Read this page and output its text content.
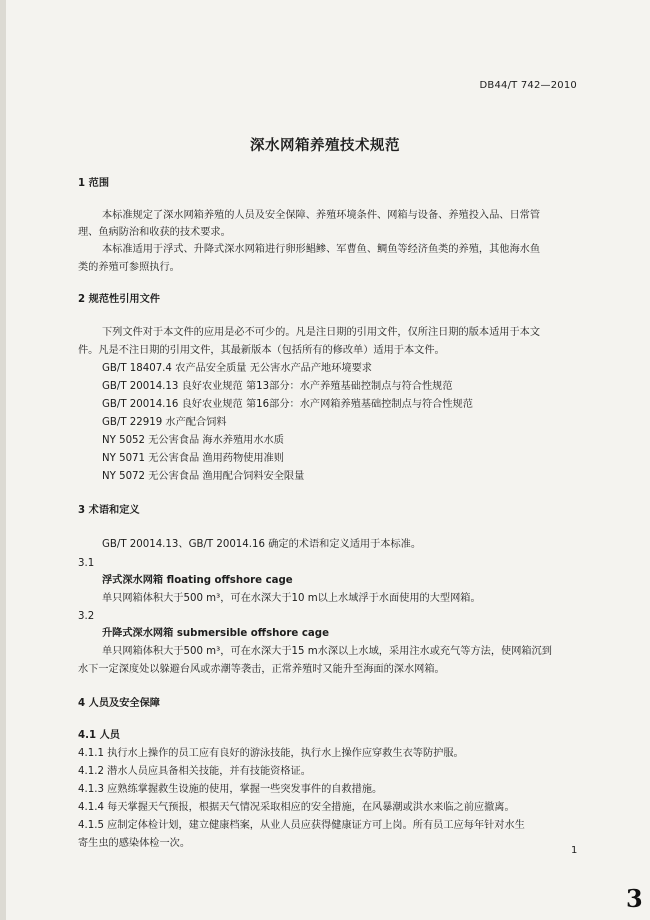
DB44/T 742—2010
深水网箱养殖技术规范
1 范围
本标准规定了深水网箱养殖的人员及安全保障、养殖环境条件、网箱与设备、养殖投入品、日常管
理、鱼病防治和收获的技术要求。
本标准适用于浮式、升降式深水网箱进行卵形鲳鲹、军曹鱼、鲷鱼等经济鱼类的养殖，其他海水鱼
类的养殖可参照执行。
2 规范性引用文件
下列文件对于本文件的应用是必不可少的。凡是注日期的引用文件，仅所注日期的版本适用于本文
件。凡是不注日期的引用文件，其最新版本（包括所有的修改单）适用于本文件。
GB/T 18407.4 农产品安全质量 无公害水产品产地环境要求
GB/T 20014.13 良好农业规范 第13部分：水产养殖基础控制点与符合性规范
GB/T 20014.16 良好农业规范 第16部分：水产网箱养殖基础控制点与符合性规范
GB/T 22919 水产配合饲料
NY 5052 无公害食品 海水养殖用水水质
NY 5071 无公害食品 渔用药物使用准则
NY 5072 无公害食品 渔用配合饲料安全限量
3 术语和定义
GB/T 20014.13、GB/T 20014.16 确定的术语和定义适用于本标准。
3.1
浮式深水网箱 floating offshore cage
单只网箱体积大于500 m³，可在水深大于10 m以上水域浮于水面使用的大型网箱。
3.2
升降式深水网箱 submersible offshore cage
单只网箱体积大于500 m³，可在水深大于15 m水深以上水域，采用注水或充气等方法，使网箱沉到
水下一定深度处以躲避台风或赤潮等袭击，正常养殖时又能升至海面的深水网箱。
4 人员及安全保障
4.1 人员
4.1.1 执行水上操作的员工应有良好的游泳技能，执行水上操作应穿救生衣等防护服。
4.1.2 潜水人员应具备相关技能，并有技能资格证。
4.1.3 应熟练掌握救生设施的使用，掌握一些突发事件的自救措施。
4.1.4 每天掌握天气预报，根据天气情况采取相应的安全措施，在风暴潮或洪水来临之前应撤离。
4.1.5 应制定体检计划，建立健康档案，从业人员应获得健康证方可上岗。所有员工应每年针对水生
寄生虫的感染体检一次。
1
3
